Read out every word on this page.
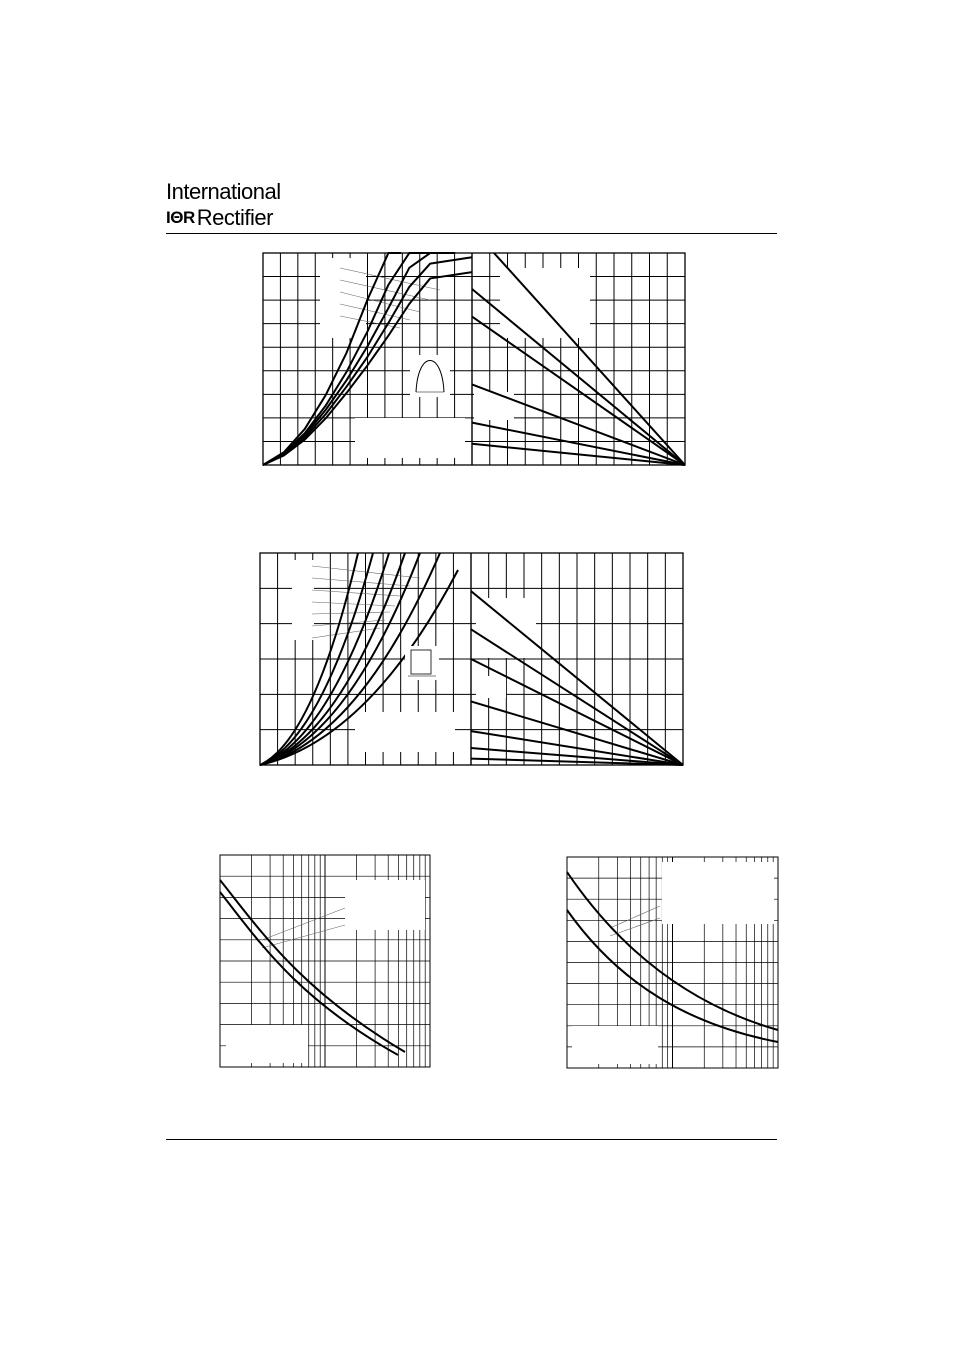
International
IΘRRectifier
